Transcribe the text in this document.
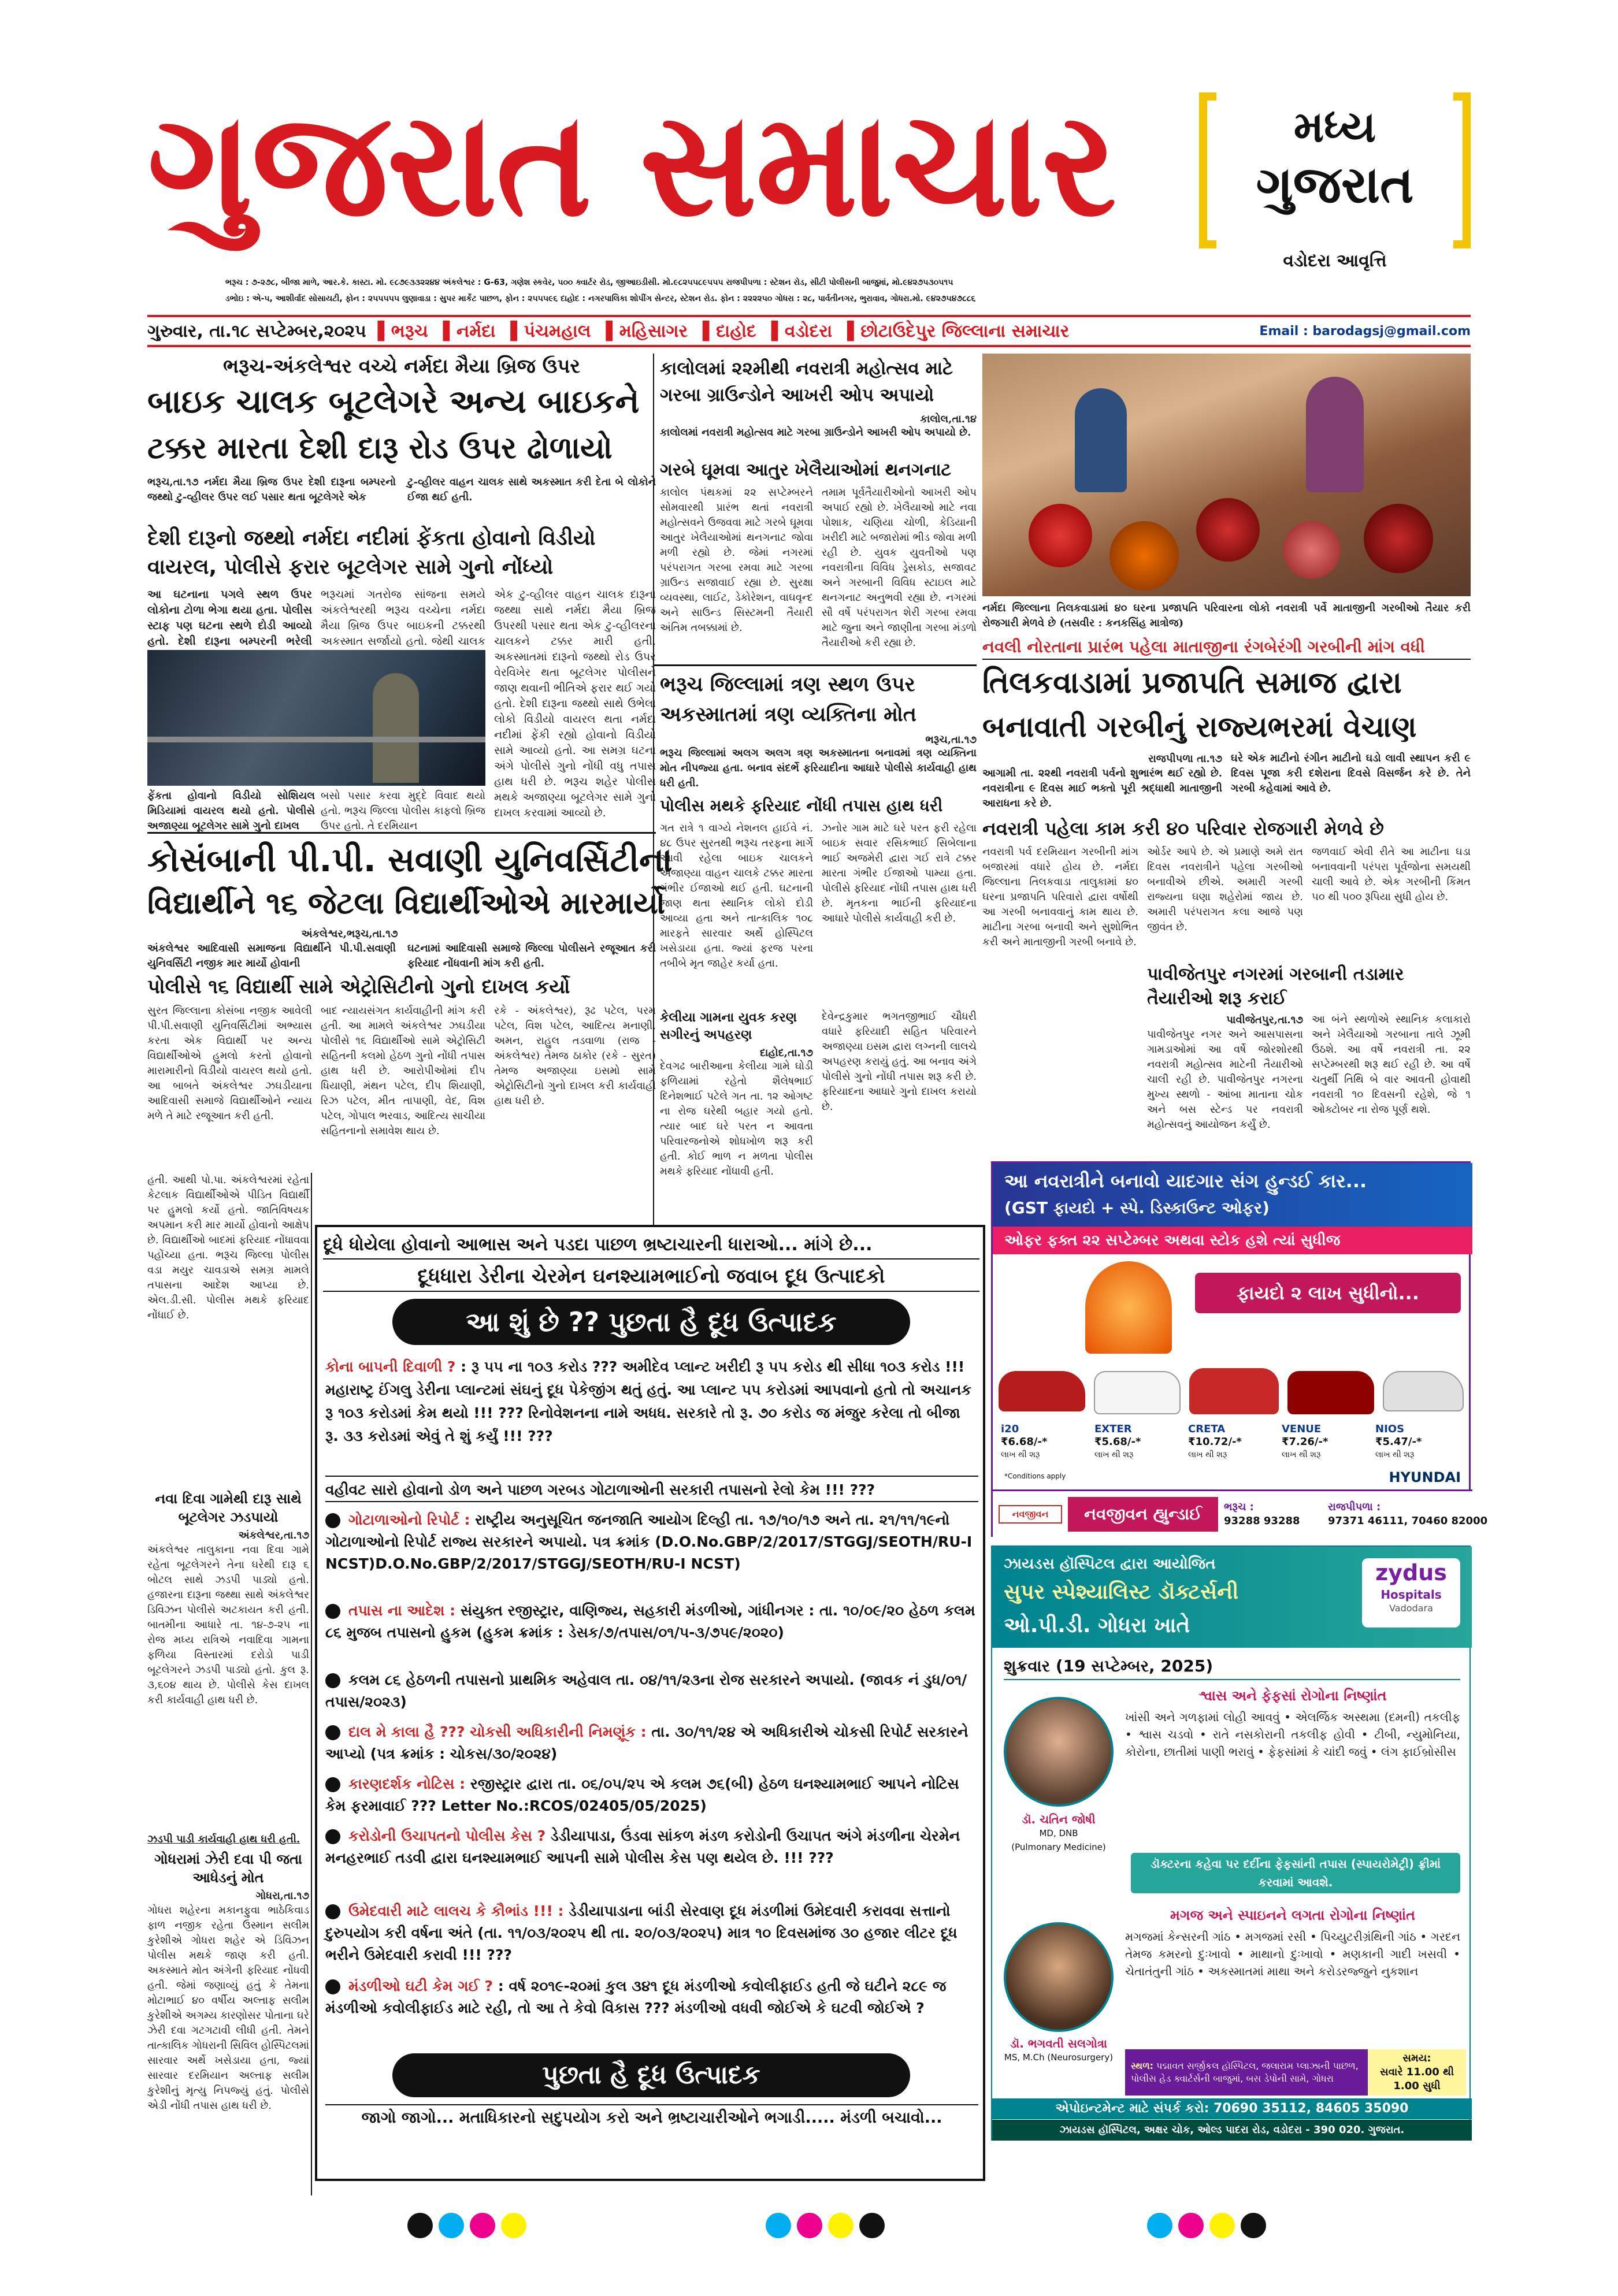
ગુજરાત સમાચાર	મધ્ય
ગુજરાત
વડોદરા આવૃત્તિ
ભરૂચ : ૭-૨૭૮, બીજા માળે, આર.કે. કાસ્ટા. મો. ૯૮૭૯૩૩૨૨૪૪ અંકલેશ્વર : G-63, ગણેશ સ્કવેર, ૫૦૦ ક્વાર્ટર રોડ, જીઆઇડીસી. મો.૯૮૨૫૫૮૯૫૫૫ રાજપીપળા : સ્ટેશન રોડ, સીટી પોલીસની બાજુમાં, મો.૯૪૨૭૫૩૦૫૧૫
ડભોઇ : એ-૫, આશીર્વાદ સોસાયટી, ફોન : ૨૫૫૫૫૫ લુણાવાડા : સુપર માર્કેટ પાછળ, ફોન : ૨૫૫૫૯૬ દાહોદ : નગરપાલિકા શોપીંગ સેન્ટર, સ્ટેશન રોડ. ફોન : ૨૨૨૨૫૦ ગોધરા : ૨૮, પાર્વતીનગર, ભુરાવાવ, ગોધરા.મો. ૯૪૨૭૫૪૭૮૮૬
ગુરુવાર, તા.૧૮ સપ્ટેમ્બર,૨૦૨૫ ▌ભરૂચ ▌નર્મદા ▌પંચમહાલ ▌મહિસાગર ▌દાહોદ ▌વડોદરા ▌છોટાઉદેપુર જિલ્લાના સમાચાર	Email : barodagsj@gmail.com
ભરૂચ-અંકલેશ્વર વચ્ચે નર્મદા મૈયા બ્રિજ ઉપર
બાઇક ચાલક બૂટલેગરે અન્ય બાઇકને
ટક્કર મારતા દેશી દારૂ રોડ ઉપર ઢોળાયો
ભરૂચ,તા.૧૭ નર્મદા મૈયા બ્રિજ ઉપર દેશી દારૂના બમ્પરનો જથ્થો ટુ-વ્હીલર ઉપર લઈ પસાર થતા બૂટલેગરે એક
ટુ-વ્હીલર વાહન ચાલક સાથે અકસ્માત કરી દેતા બે લોકોને ઈજા થઈ હતી.
દેશી દારૂનો જથ્થો નર્મદા નદીમાં ફેંકતા હોવાનો વિડીયો
વાયરલ, પોલીસે ફરાર બૂટલેગર સામે ગુનો નોંધ્યો
આ ઘટનાના પગલે સ્થળ ઉપર લોકોના ટોળા ભેગા થયા હતા. પોલીસ સ્ટાફ પણ ઘટના સ્થળે દોડી આવ્યો હતો. દેશી દારૂના બમ્પરની ભરેલી
ભરૂચમાં ગતરોજ સાંજના સમયે અંકલેશ્વરથી ભરૂચ વચ્ચેના નર્મદા મૈયા બ્રિજ ઉપર બાઇકની ટક્કરથી અકસ્માત સર્જાયો હતો. જેથી ચાલક
એક ટુ-વ્હીલર વાહન ચાલક દારૂના જથ્થા સાથે નર્મદા મૈયા બ્રિજ ઉપરથી પસાર થતા એક ટુ-વ્હીલરના ચાલકને ટક્કર મારી હતી. અકસ્માતમાં દારૂનો જથ્થો રોડ ઉપર વેરવિખેર થતા બૂટલેગર પોલીસને જાણ થવાની ભીતિએ ફરાર થઈ ગયો હતો. દેશી દારૂના જથ્થો સાથે ઉભેલા લોકો વિડીયો વાયરલ થતા નર્મદા નદીમાં ફેંકી રહ્યો હોવાનો વિડીયો સામે આવ્યો હતો. આ સમગ્ર ઘટના અંગે પોલીસે ગુનો નોંધી વધુ તપાસ હાથ ધરી છે. ભરૂચ શહેર પોલીસ મથકે અજાણ્યા બૂટલેગર સામે ગુનો દાખલ કરવામાં આવ્યો છે.
ફેંકતા હોવાનો વિડીયો સોશિયલ મિડિયામાં વાયરલ થયો હતો. પોલીસે અજાણ્યા બૂટલેગર સામે ગુનો દાખલ
બસો પસાર કરવા મુદ્દે વિવાદ થયો હતો. ભરૂચ જિલ્લા પોલીસ કાફલો બ્રિજ ઉપર હતો. તે દરમિયાન
કાલોલમાં ૨૨મીથી નવરાત્રી મહોત્સવ માટે
ગરબા ગ્રાઉન્ડોને આખરી ઓપ અપાયો
કાલોલ,તા.૧૪
કાલોલમાં નવરાત્રી મહોત્સવ માટે ગરબા ગ્રાઉન્ડોને આખરી ઓપ અપાયો છે.
ગરબે ઘૂમવા આતુર ખેલૈયાઓમાં થનગનાટ
કાલોલ પંથકમાં ૨૨ સપ્ટેમ્બરને સોમવારથી પ્રારંભ થતાં નવરાત્રી મહોત્સવને ઉજવવા માટે ગરબે ઘૂમવા આતુર ખેલૈયાઓમાં થનગનાટ જોવા મળી રહ્યો છે. જેમાં નગરમાં પરંપરાગત ગરબા રમવા માટે ગરબા ગ્રાઉન્ડ સજાવાઈ રહ્યા છે. સુરક્ષા વ્યવસ્થા, લાઈટ, ડેકોરેશન, વાઘવૃન્દ અને સાઉન્ડ સિસ્ટમની તૈયારી અંતિમ તબક્કામાં છે.
તમામ પૂર્વતૈયારીઓનો આખરી ઓપ અપાઈ રહ્યો છે. ખેલૈયાઓ માટે નવા પોશાક, ચણિયા ચોળી, કેડિયાની ખરીદી માટે બજારોમાં ભીડ જોવા મળી રહી છે. યુવક યુવતીઓ પણ નવરાત્રીના વિવિધ ડ્રેસકોડ, સજાવટ અને ગરબાની વિવિધ સ્ટાઇલ માટે થનગનાટ અનુભવી રહ્યા છે. નગરમાં સૌ વર્ષે પરંપરાગત શેરી ગરબા રમવા માટે જુના અને જાણીતા ગરબા મંડળો તૈયારીઓ કરી રહ્યા છે.
ભરૂચ જિલ્લામાં ત્રણ સ્થળ ઉપર
અકસ્માતમાં ત્રણ વ્યક્તિના મોત
ભરૂચ,તા.૧૭
ભરૂચ જિલ્લામાં અલગ અલગ ત્રણ અકસ્માતના બનાવમાં ત્રણ વ્યક્તિના મોત નીપજ્યા હતા. બનાવ સંદર્ભે ફરિયાદીના આધારે પોલીસે કાર્યવાહી હાથ ધરી હતી.
પોલીસ મથકે ફરિયાદ નોંધી તપાસ હાથ ધરી
ગત રાત્રે ૧ વાગ્યે નેશનલ હાઈવે નં. ૪૮ ઉપર સુરતથી ભરૂચ તરફના માર્ગે આવી રહેલા બાઇક ચાલકને અજાણ્યા વાહન ચાલકે ટક્કર મારતા ગંભીર ઈજાઓ થઈ હતી. ઘટનાની જાણ થતા સ્થાનિક લોકો દોડી આવ્યા હતા અને તાત્કાલિક ૧૦૮ મારફતે સારવાર અર્થે હોસ્પિટલ ખસેડાયા હતા. જ્યાં ફરજ પરના તબીબે મૃત જાહેર કર્યા હતા.
ઝનોર ગામ માટે ઘરે પરત ફરી રહેલા બાઇક સવાર રસિકભાઈ સિબેલાના ભાઈ અજમેરી દ્વારા ગઈ રાત્રે ટક્કર મારતા ગંભીર ઈજાઓ પામ્યા હતા. પોલીસે ફરિયાદ નોંધી તપાસ હાથ ધરી છે. મૃતકના ભાઈની ફરિયાદના આધારે પોલીસે કાર્યવાહી કરી છે.
કેલીયા ગામના યુવક કરણ સગીરનું અપહરણ
દાહોદ,તા.૧૭
દેવગઢ બારીઆના કેલીયા ગામે ઘોડી ફળિયામાં રહેતો શૈલેષભાઈ દિનેશભાઈ પટેલે ગત તા. ૧૨ ઓગષ્ટ ના રોજ ઘરેથી બહાર ગયો હતો. ત્યાર બાદ ઘરે પરત ન આવતા પરિવારજનોએ શોધખોળ શરૂ કરી હતી. કોઈ ભાળ ન મળતા પોલીસ મથકે ફરિયાદ નોંધાવી હતી.
દેવેન્દ્રકુમાર ભગતજીભાઈ ચૌધરી વધારે ફરિયાદી સહિત પરિવારને અજાણ્યા ઇસમ દ્વારા લગ્નની લાલચે અપહરણ કરાયું હતું. આ બનાવ અંગે પોલીસે ગુનો નોંધી તપાસ શરૂ કરી છે. ફરિયાદના આધારે ગુનો દાખલ કરાયો છે.
કોસંબાની પી.પી. સવાણી યુનિવર્સિટીના
વિદ્યાર્થીને ૧૬ જેટલા વિદ્યાર્થીઓએ મારમાર્યો
અંકલેશ્વર,ભરૂચ,તા.૧૭
અંકલેશ્વર આદિવાસી સમાજના વિદ્યાર્થીને પી.પી.સવાણી યુનિવર્સિટી નજીક માર માર્યો હોવાની
ઘટનામાં આદિવાસી સમાજે જિલ્લા પોલીસને રજૂઆત કરી ફરિયાદ નોંધવાની માંગ કરી હતી.
પોલીસે ૧૬ વિદ્યાર્થી સામે એટ્રોસિટીનો ગુનો દાખલ કર્યો
સુરત જિલ્લાના કોસંબા નજીક આવેલી પી.પી.સવાણી યુનિવર્સિટીમાં અભ્યાસ કરતા એક વિદ્યાર્થી પર અન્ય વિદ્યાર્થીઓએ હુમલો કરતો હોવાનો મારામારીનો વિડીયો વાયરલ થયો હતો. આ બાબતે અંકલેશ્વર ઝઘડીયાના આદિવાસી સમાજે વિદ્યાર્થીઓને ન્યાય મળે તે માટે રજૂઆત કરી હતી.
બાદ ન્યાયસંગત કાર્યવાહીની માંગ કરી હતી. આ મામલે અંકલેશ્વર ઝઘડીયા પોલીસે ૧૬ વિદ્યાર્થીઓ સામે એટ્રોસિટી સહિતની કલમો હેઠળ ગુનો નોંધી તપાસ હાથ ધરી છે. આરોપીઓમાં દીપ ધિયાણી, મંથન પટેલ, દીપ શિયાણી, રિઝ પટેલ, મીત તાપાણી, વેદ, વિશ પટેલ, ગોપાલ ભરવાડ, આદિત્ય સાચીયા સહિતનાનો સમાવેશ થાય છે.
રકે - અંકલેશ્વર), રૂઢ પટેલ, પરમ પટેલ, વિશ પટેલ, આદિત્ય મનાણી, અમન, રાહુલ તડવાળા (રાજ - અંકલેશ્વર) તેમજ ઠાકોર (રકે - સુરત) તેમજ અજાણ્યા ઇસમો સામે એટ્રોસિટીનો ગુનો દાખલ કરી કાર્યવાહી હાથ ધરી છે.
હતી. આથી પો.પા. અંકલેશ્વરમાં રહેતા કેટલાક વિદ્યાર્થીઓએ પીડિત વિદ્યાર્થી પર હુમલો કર્યો હતો. જાતિવિષયક અપમાન કરી માર માર્યો હોવાનો આક્ષેપ છે. વિદ્યાર્થીઓ બાદમાં ફરિયાદ નોંધાવવા પહોંચ્યા હતા. ભરૂચ જિલ્લા પોલીસ વડા મયુર ચાવડાએ સમગ્ર મામલે તપાસના આદેશ આપ્યા છે. એલ.ડી.સી. પોલીસ મથકે ફરિયાદ નોંધાઈ છે.
નવા દિવા ગામેથી દારૂ સાથે બૂટલેગર ઝડપાયો
અંકલેશ્વર,તા.૧૭
અંકલેશ્વર તાલુકાના નવા દિવા ગામે રહેતા બૂટલેગરને તેના ઘરેથી દારૂ ૬ બોટલ સાથે ઝડપી પાડ્યો હતો. હજારના દારૂના જથ્થા સાથે અંકલેશ્વર ડિવિઝન પોલીસે અટકાયત કરી હતી. બાતમીના આધારે તા. ૧૪-૭-૨૫ ના રોજ મધ્ય રાત્રિએ નવાદિવા ગામના ફળિયા વિસ્તારમાં દરોડો પાડી બૂટલેગરને ઝડપી પાડ્યો હતો. કુલ રૂ. ૩,૬૦૪ થાય છે. પોલીસે કેસ દાખલ કરી કાર્યવાહી હાથ ધરી છે.
ઝડપી પાડી કાર્યવાહી હાથ ધરી હતી.
ગોધરામાં ઝેરી દવા પી જતા આધેડનું મોત
ગોધરા,તા.૧૭
ગોધરા શહેરના મકાનફુવા ભાઠેકિવાડ ફાળ નજીક રહેતા ઉસ્માન સલીમ કુરેશીએ ગોધરા શહેર એ ડિવિઝન પોલીસ મથકે જાણ કરી હતી. અકસ્માતે મોત અંગેની ફરિયાદ નોંધવી હતી. જેમાં જણાવ્યું હતું કે તેમના મોટાભાઈ ૪૦ વર્ષીય અલ્તાફ સલીમ કુરેશીએ અગમ્ય કારણોસર પોતાના ઘરે ઝેરી દવા ગટગટાવી લીધી હતી. તેમને તાત્કાલિક ગોધરાની સિવિલ હોસ્પિટલમાં સારવાર અર્થે ખસેડાયા હતા, જ્યાં સારવાર દરમિયાન અલ્તાફ સલીમ કુરેશીનું મૃત્યુ નિપજ્યું હતું. પોલીસે એડી નોંધી તપાસ હાથ ધરી છે.
નર્મદા જિલ્લાના તિલકવાડામાં ૪૦ ઘરના પ્રજાપતિ પરિવારના લોકો નવરાત્રી પર્વે માતાજીની ગરબીઓ તૈયાર કરી રોજગારી મેળવે છે (તસવીર : કનકસિંહ માત્રોજ)
નવલી નોરતાના પ્રારંભ પહેલા માતાજીના રંગબેરંગી ગરબીની માંગ વધી
તિલકવાડામાં પ્રજાપતિ સમાજ દ્વારા
બનાવાતી ગરબીનું રાજ્યભરમાં વેચાણ
રાજપીપળા તા.૧૭
આગામી તા. ૨૨થી નવરાત્રી પર્વનો શુભારંભ થઈ રહ્યો છે. નવરાત્રીના ૯ દિવસ માઈ ભક્તો પૂરી શ્રદ્ધાથી માતાજીની આરાધના કરે છે.
ઘરે એક માટીનો રંગીન માટીનો ઘડો લાવી સ્થાપન કરી ૯ દિવસ પૂજા કરી દશેરાના દિવસે વિસર્જન કરે છે. તેને ગરબી કહેવામાં આવે છે.
નવરાત્રી પહેલા કામ કરી ૪૦ પરિવાર રોજગારી મેળવે છે
નવરાત્રી પર્વ દરમિયાન ગરબીની માંગ બજારમાં વધારે હોય છે. નર્મદા જિલ્લાના તિલકવાડા તાલુકામાં ૪૦ ઘરના પ્રજાપતિ પરિવારો દ્વારા વર્ષોથી આ ગરબી બનાવવાનું કામ થાય છે. માટીના ગરબા બનાવી અને સુશોભિત કરી અને માતાજીની ગરબી બનાવે છે.
ઓર્ડર આપે છે. એ પ્રમાણે અમે રાત દિવસ નવરાત્રીને પહેલા ગરબીઓ બનાવીએ છીએ. અમારી ગરબી રાજ્યના ઘણા શહેરોમાં જાય છે. અમારી પરંપરાગત કલા આજે પણ જીવંત છે.
જળવાઈ એવી રીતે આ માટીના ઘડા બનાવવાની પરંપરા પૂર્વજોના સમયથી ચાલી આવે છે. એક ગરબીની કિંમત ૫૦ થી ૫૦૦ રૂપિયા સુધી હોય છે.
પાવીજેતપુર નગરમાં ગરબાની તડામાર તૈયારીઓ શરૂ કરાઈ
પાવીજેતપુર,તા.૧૭
પાવીજેતપુર નગર અને આસપાસના ગામડાઓમાં આ વર્ષે જોરશોરથી નવરાત્રી મહોત્સવ માટેની તૈયારીઓ ચાલી રહી છે. પાવીજેતપુર નગરના મુખ્ય સ્થળો - આંબા માતાના ચોક અને બસ સ્ટેન્ડ પર નવરાત્રી મહોત્સવનું આયોજન કર્યું છે.
આ બંને સ્થળોએ સ્થાનિક કલાકારો અને ખેલૈયાઓ ગરબાના તાલે ઝૂમી ઉઠશે. આ વર્ષે નવરાત્રી તા. ૨૨ સપ્ટેમ્બરથી શરૂ થઈ રહી છે. આ વર્ષે ચતુર્થી તિથિ બે વાર આવતી હોવાથી નવરાત્રી ૧૦ દિવસની રહેશે, જે ૧ ઓક્ટોબર ના રોજ પૂર્ણ થશે.
આ નવરાત્રીને બનાવો યાદગાર સંગ હુન્ડઈ કાર...
(GST ફાયદો + સ્પે. ડિસ્કાઉન્ટ ઓફર)
ઓફર ફક્ત ૨૨ સપ્ટેમ્બર અથવા સ્ટોક હશે ત્યાં સુધીજ
ફાયદો ૨ લાખ સુધીનો...
i20
₹6.68/-*
લાખ થી શરૂ
EXTER
₹5.68/-*
લાખ થી શરૂ
CRETA
₹10.72/-*
લાખ થી શરૂ
VENUE
₹7.26/-*
લાખ થી શરૂ
NIOS
₹5.47/-*
લાખ થી શરૂ
*Conditions apply	HYUNDAI
નવજીવન	નવજીવન હ્યુન્ડાઈ	ભરૂચ :
93288 93288
રાજપીપળા :
97371 46111, 70460 82000
ઝાયડસ હૉસ્પિટલ દ્વારા આયોજિત
સુપર સ્પેશ્યાલિસ્ટ ડૉક્ટર્સની
ઓ.પી.ડી. ગોધરા ખાતે
zydus
Hospitals
Vadodara
શુક્રવાર (19 સપ્ટેમ્બર, 2025)
શ્વાસ અને ફેફસાં રોગોના નિષ્ણાંત
ખાંસી અને ગળફામાં લોહી આવવું • એલર્જિક અસ્થમા (દમની) તકલીફ • શ્વાસ ચડવો • રાતે નસકોરાની તકલીફ હોવી • ટીબી, ન્યુમોનિયા, કોરોના, છાતીમાં પાણી ભરાવું • ફેફસાંમાં કે ચાંદી જવું • લંગ ફાઈબ્રોસીસ
ડૉ. ચતિન જોષી
MD, DNB
(Pulmonary Medicine)
ડૉક્ટરના કહેવા પર દર્દીના ફેફસાંની તપાસ (સ્પાયરોમેટ્રી) ફ્રીમાં કરવામાં આવશે.
મગજ અને સ્પાઇનને લગતા રોગોના નિષ્ણાંત
મગજમાં કેન્સરની ગાંઠ • મગજમાં રસી • પિચ્યુટરીગ્રંથિની ગાંઠ • ગરદન તેમજ કમરનો દુઃખાવો • માથાનો દુઃખાવો • મણકાની ગાદી ખસવી • ચેતાતંતુની ગાંઠ • અકસ્માતમાં માથા અને કરોડરજ્જુને નુકશાન
ડૉ. ભગવતી સલગોત્રા
MS, M.Ch (Neurosurgery)
સ્થળ: પદ્માવત સર્જીકલ હૉસ્પિટલ, જલારામ પ્લાઝાની પાછળ, પોલીસ હેડ ક્વાર્ટર્સની બાજુમાં, બસ ડેપોની સામે, ગોધરા
સમય:
સવારે 11.00 થી 1.00 સુધી
એપોઇન્ટમેન્ટ માટે સંપર્ક કરો: 70690 35112, 84605 35090
ઝાયડસ હૉસ્પિટલ, અક્ષર ચોક, ઓલ્ડ પાદરા રોડ, વડોદરા - 390 020. ગુજરાત.
દૂધે ધોયેલા હોવાનો આભાસ અને પડદા પાછળ ભ્રષ્ટાચારની ધારાઓ... માંગે છે...
દૂધધારા ડેરીના ચેરમેન ઘનશ્યામભાઈનો જવાબ દૂધ ઉત્પાદકો
આ શું છે ?? પુછતા હૈ દૂધ ઉત્પાદક
કોના બાપની દિવાળી ? : રૂ ૫૫ ના ૧૦૩ કરોડ ??? અમીદેવ પ્લાન્ટ ખરીદી રૂ ૫૫ કરોડ થી સીધા ૧૦૩ કરોડ !!! મહારાષ્ટ્ર ઈંગલુ ડેરીના પ્લાન્ટમાં સંઘનું દૂધ પેકેજીંગ થતું હતું. આ પ્લાન્ટ ૫૫ કરોડમાં આપવાનો હતો તો અચાનક રૂ ૧૦૩ કરોડમાં કેમ થયો !!! ??? રિનોવેશનના નામે અધધ. સરકારે તો રૂ. ૭૦ કરોડ જ મંજુર કરેલા તો બીજા રૂ. ૩૩ કરોડમાં એવું તે શું કર્યું !!! ???
વહીવટ સારો હોવાનો ડોળ અને પાછળ ગરબડ ગોટાળાઓની સરકારી તપાસનો રેલો કેમ !!! ???
ગોટાળાઓનો રિપોર્ટ : રાષ્ટ્રીય અનુસૂચિત જનજાતિ આયોગ દિલ્હી તા. ૧૭/૧૦/૧૭ અને તા. ૨૧/૧૧/૧૯નો ગોટાળાઓનો રિપોર્ટ રાજ્ય સરકારને અપાયો. પત્ર ક્રમાંક (D.O.No.GBP/2/2017/STGGJ/SEOTH/RU-I NCST)D.O.No.GBP/2/2017/STGGJ/SEOTH/RU-I NCST)
તપાસ ના આદેશ : સંયુક્ત રજીસ્ટ્રાર, વાણિજ્ય, સહકારી મંડળીઓ, ગાંધીનગર : તા. ૧૦/૦૯/૨૦ હેઠળ કલમ ૮૬ મુજબ તપાસનો હુકમ (હુકમ ક્રમાંક : ડેસક/૭/તપાસ/૦૧/૫-૩/૭૫૯/૨૦૨૦)
કલમ ૮૬ હેઠળની તપાસનો પ્રાથમિક અહેવાલ તા. ૦૪/૧૧/૨૩ના રોજ સરકારને અપાયો. (જાવક નં ડુધ/૦૧/તપાસ/૨૦૨૩)
દાલ મે કાલા હૈ ??? ચોકસી અધિકારીની નિમણૂંક : તા. ૩૦/૧૧/૨૪ એ અધિકારીએ ચોકસી રિપોર્ટ સરકારને આપ્યો (પત્ર ક્રમાંક : ચોકસ/૩૦/૨૦૨૪)
કારણદર્શક નોટિસ : રજીસ્ટ્રાર દ્વારા તા. ૦૬/૦૫/૨૫ એ કલમ ૭૬(બી) હેઠળ ઘનશ્યામભાઈ આપને નોટિસ કેમ ફરમાવાઈ ??? Letter No.:RCOS/02405/05/2025)
કરોડોની ઉચાપતનો પોલીસ કેસ ? ડેડીયાપાડા, ઉંડવા સાંકળ મંડળ કરોડોની ઉચાપત અંગે મંડળીના ચેરમેન મનહરભાઈ તડવી દ્વારા ઘનશ્યામભાઈ આપની સામે પોલીસ કેસ પણ થયેલ છે. !!! ???
ઉમેદવારી માટે લાલચ કે કૌભાંડ !!! : ડેડીયાપાડાના બાંડી સેરવાણ દૂધ મંડળીમાં ઉમેદવારી કરાવવા સત્તાનો દુરુપયોગ કરી વર્ષના અંતે (તા. ૧૧/૦૩/૨૦૨૫ થી તા. ૨૦/૦૩/૨૦૨૫) માત્ર ૧૦ દિવસમાંજ ૩૦ હજાર લીટર દૂધ ભરીને ઉમેદવારી કરાવી !!! ???
મંડળીઓ ઘટી કેમ ગઈ ? : વર્ષ ૨૦૧૯-૨૦માં કુલ ૩૪૧ દૂધ મંડળીઓ કવોલીફાઈડ હતી જે ઘટીને ૨૮૯ જ મંડળીઓ કવોલીફાઈડ માટે રહી, તો આ તે કેવો વિકાસ ??? મંડળીઓ વધવી જોઈએ કે ઘટવી જોઈએ ?
પુછતા હૈ દૂધ ઉત્પાદક
જાગો જાગો... મતાધિકારનો સદુપયોગ કરો અને ભ્રષ્ટાચારીઓને ભગાડી..... મંડળી બચાવો...
